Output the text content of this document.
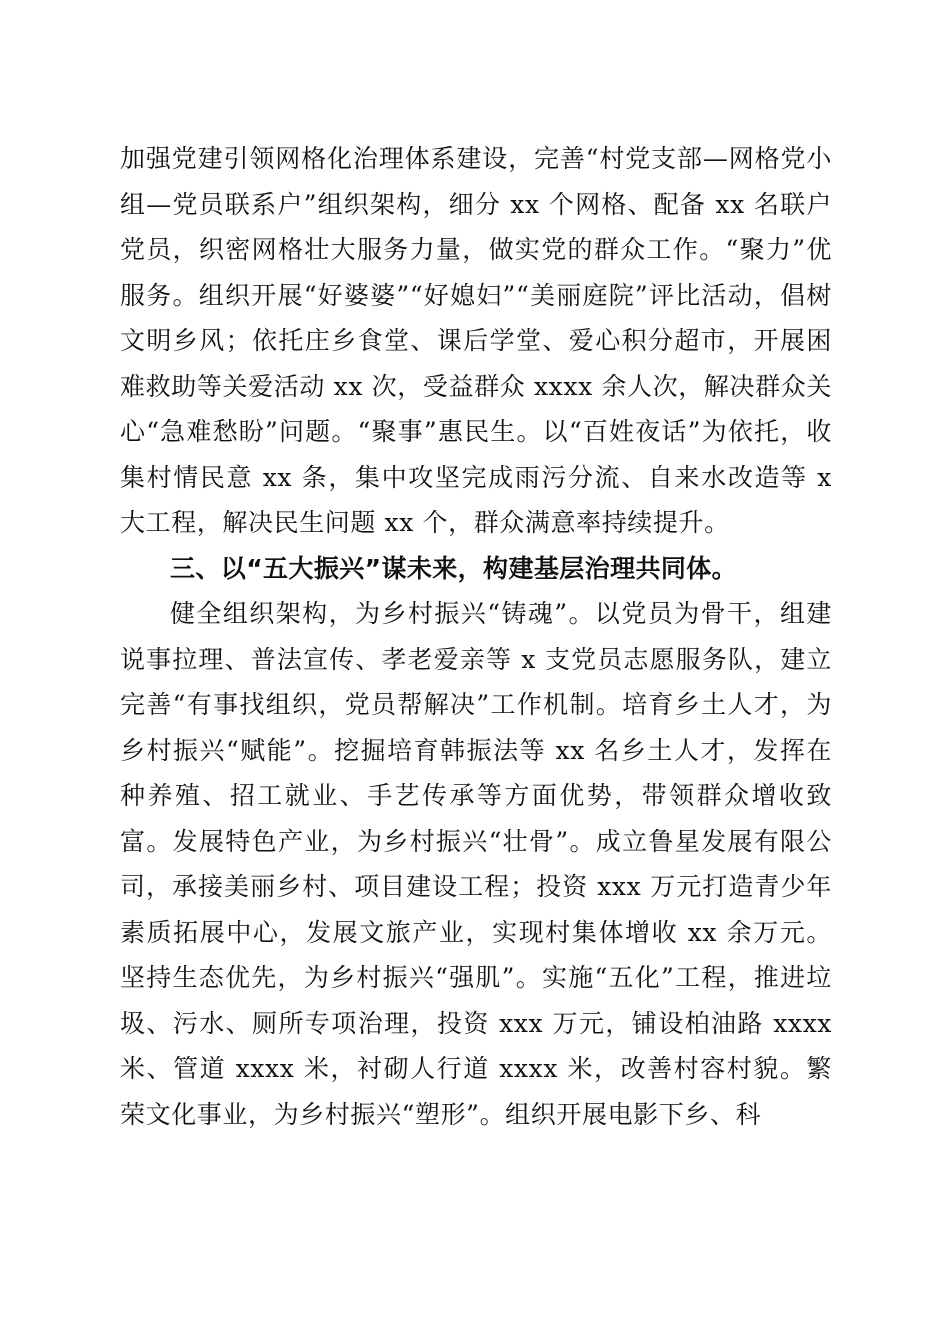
加强党建引领网格化治理体系建设，完善“村党支部—网格党小组—党员联系户”组织架构，细分 xx 个网格、配备 xx 名联户党员，织密网格壮大服务力量，做实党的群众工作。“聚力”优服务。组织开展“好婆婆”“好媳妇”“美丽庭院”评比活动，倡树文明乡风；依托庄乡食堂、课后学堂、爱心积分超市，开展困难救助等关爱活动 xx 次，受益群众 xxxx 余人次，解决群众关心“急难愁盼”问题。“聚事”惠民生。以“百姓夜话”为依托，收集村情民意 xx 条，集中攻坚完成雨污分流、自来水改造等 x 大工程，解决民生问题 xx 个，群众满意率持续提升。

三、以“五大振兴”谋未来，构建基层治理共同体。

健全组织架构，为乡村振兴“铸魂”。以党员为骨干，组建说事拉理、普法宣传、孝老爱亲等 x 支党员志愿服务队，建立完善“有事找组织，党员帮解决”工作机制。培育乡土人才，为乡村振兴“赋能”。挖掘培育韩振法等 xx 名乡土人才，发挥在种养殖、招工就业、手艺传承等方面优势，带领群众增收致富。发展特色产业，为乡村振兴“壮骨”。成立鲁星发展有限公司，承接美丽乡村、项目建设工程；投资 xxx 万元打造青少年素质拓展中心，发展文旅产业，实现村集体增收 xx 余万元。坚持生态优先，为乡村振兴“强肌”。实施“五化”工程，推进垃圾、污水、厕所专项治理，投资 xxx 万元，铺设柏油路 xxxx 米、管道 xxxx 米，衬砌人行道 xxxx 米，改善村容村貌。繁荣文化事业，为乡村振兴“塑形”。组织开展电影下乡、科
